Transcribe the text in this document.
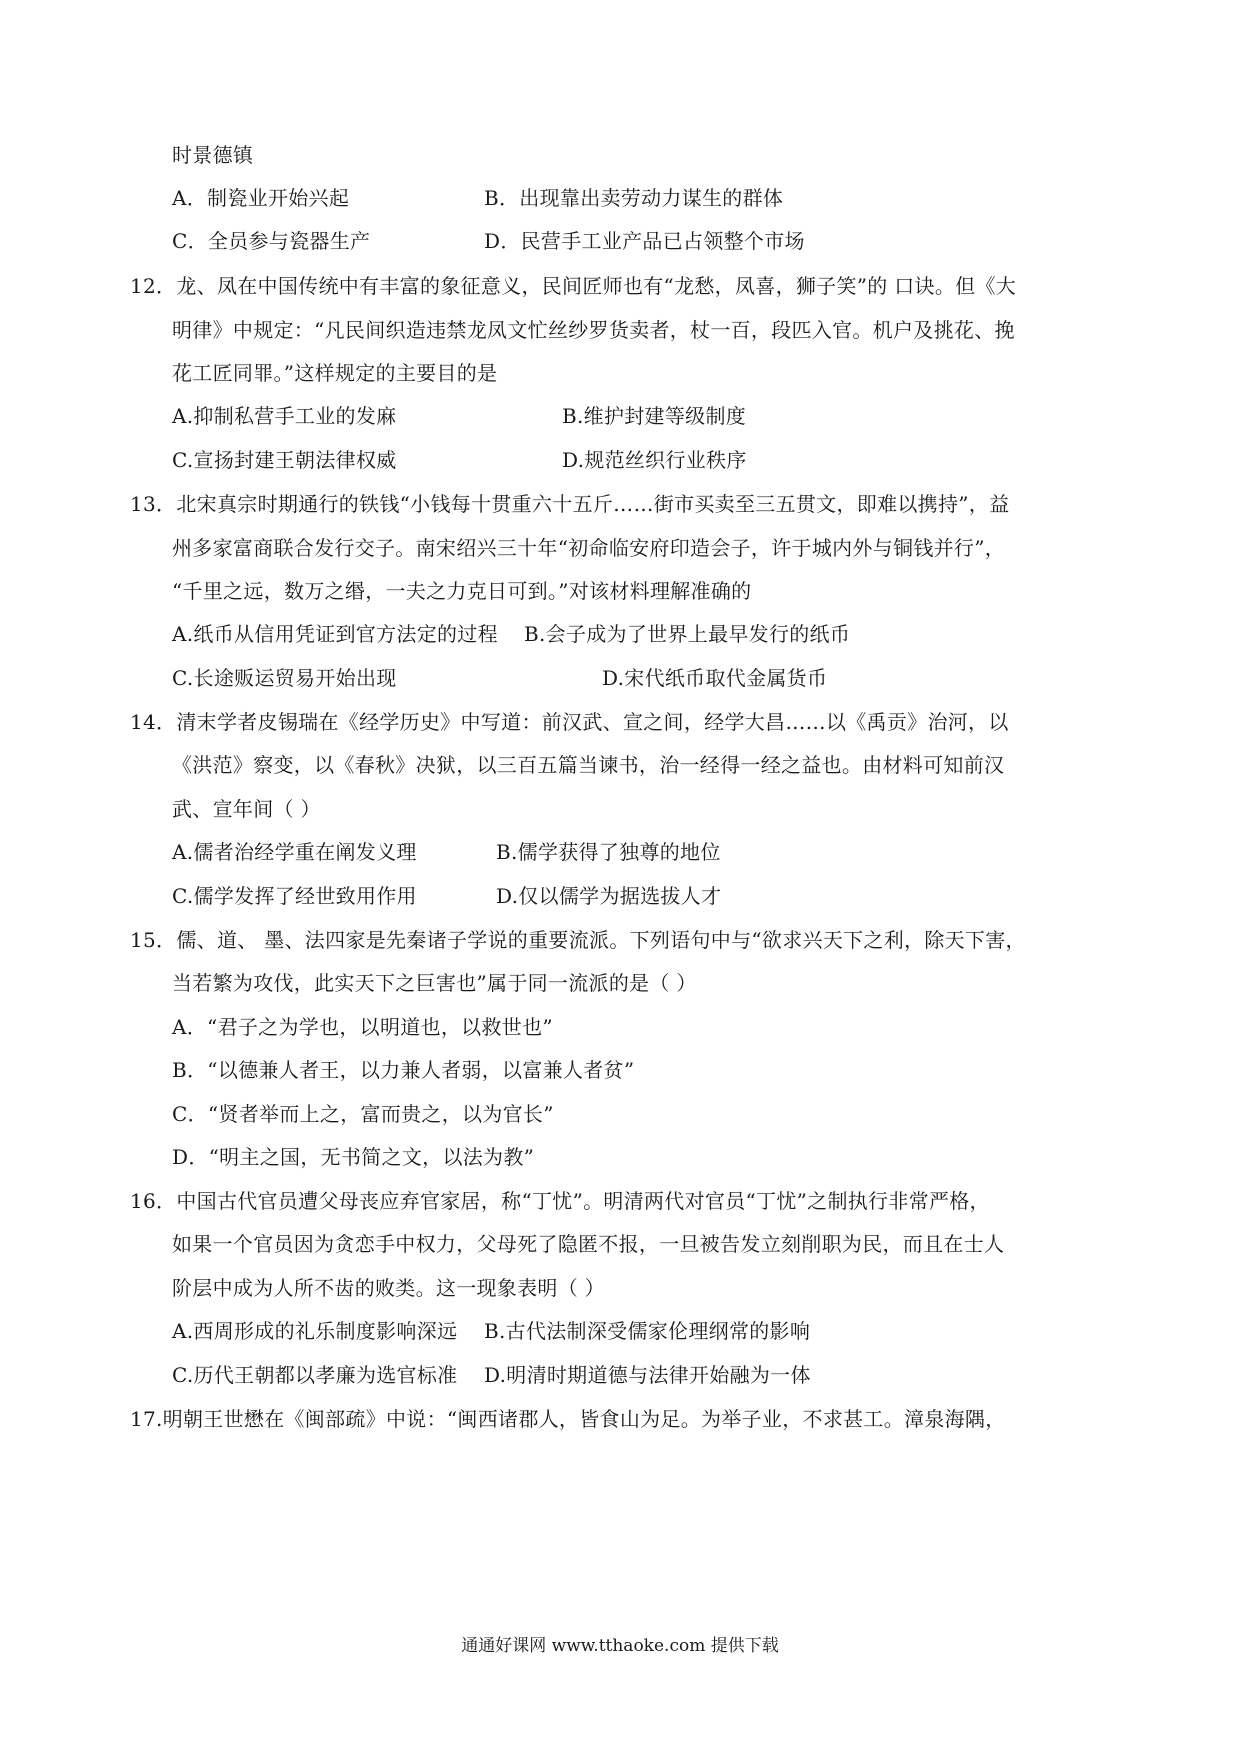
时景德镇
A．制瓷业开始兴起	B．出现靠出卖劳动力谋生的群体
C．全员参与瓷器生产	D．民营手工业产品已占领整个市场
12．龙、凤在中国传统中有丰富的象征意义，民间匠师也有“龙愁，凤喜，狮子笑”的 口诀。但《大
明律》中规定：“凡民间织造违禁龙凤文忙丝纱罗货卖者，杖一百，段匹入官。机户及挑花、挽
花工匠同罪。”这样规定的主要目的是
A.抑制私营手工业的发麻	B.维护封建等级制度
C.宣扬封建王朝法律权威	D.规范丝织行业秩序
13．北宋真宗时期通行的铁钱“小钱每十贯重六十五斤……街市买卖至三五贯文，即难以携持”，益
州多家富商联合发行交子。南宋绍兴三十年“初命临安府印造会子，许于城内外与铜钱并行”，
“千里之远，数万之缗，一夫之力克日可到。”对该材料理解准确的
A.纸币从信用凭证到官方法定的过程 B.会子成为了世界上最早发行的纸币
C.长途贩运贸易开始出现	D.宋代纸币取代金属货币
14．清末学者皮锡瑞在《经学历史》中写道：前汉武、宣之间，经学大昌……以《禹贡》治河，以
《洪范》察变，以《春秋》决狱，以三百五篇当谏书，治一经得一经之益也。由材料可知前汉
武、宣年间（ ）
A.儒者治经学重在阐发义理	B.儒学获得了独尊的地位
C.儒学发挥了经世致用作用	D.仅以儒学为据选拔人才
15．儒、道、 墨、法四家是先秦诸子学说的重要流派。下列语句中与“欲求兴天下之利，除天下害，
当若繁为攻伐，此实天下之巨害也”属于同一流派的是（ ）
A．“君子之为学也，以明道也，以救世也”
B．“以德兼人者王，以力兼人者弱，以富兼人者贫”
C．“贤者举而上之，富而贵之，以为官长”
D．“明主之国，无书简之文，以法为教”
16．中国古代官员遭父母丧应弃官家居，称“丁忧”。明清两代对官员“丁忧”之制执行非常严格，
如果一个官员因为贪恋手中权力，父母死了隐匿不报，一旦被告发立刻削职为民，而且在士人
阶层中成为人所不齿的败类。这一现象表明（ ）
A.西周形成的礼乐制度影响深远 B.古代法制深受儒家伦理纲常的影响
C.历代王朝都以孝廉为选官标准 D.明清时期道德与法律开始融为一体
17.明朝王世懋在《闽部疏》中说：“闽西诸郡人，皆食山为足。为举子业，不求甚工。漳泉海隅，
通通好课网 www.tthaoke.com 提供下载
